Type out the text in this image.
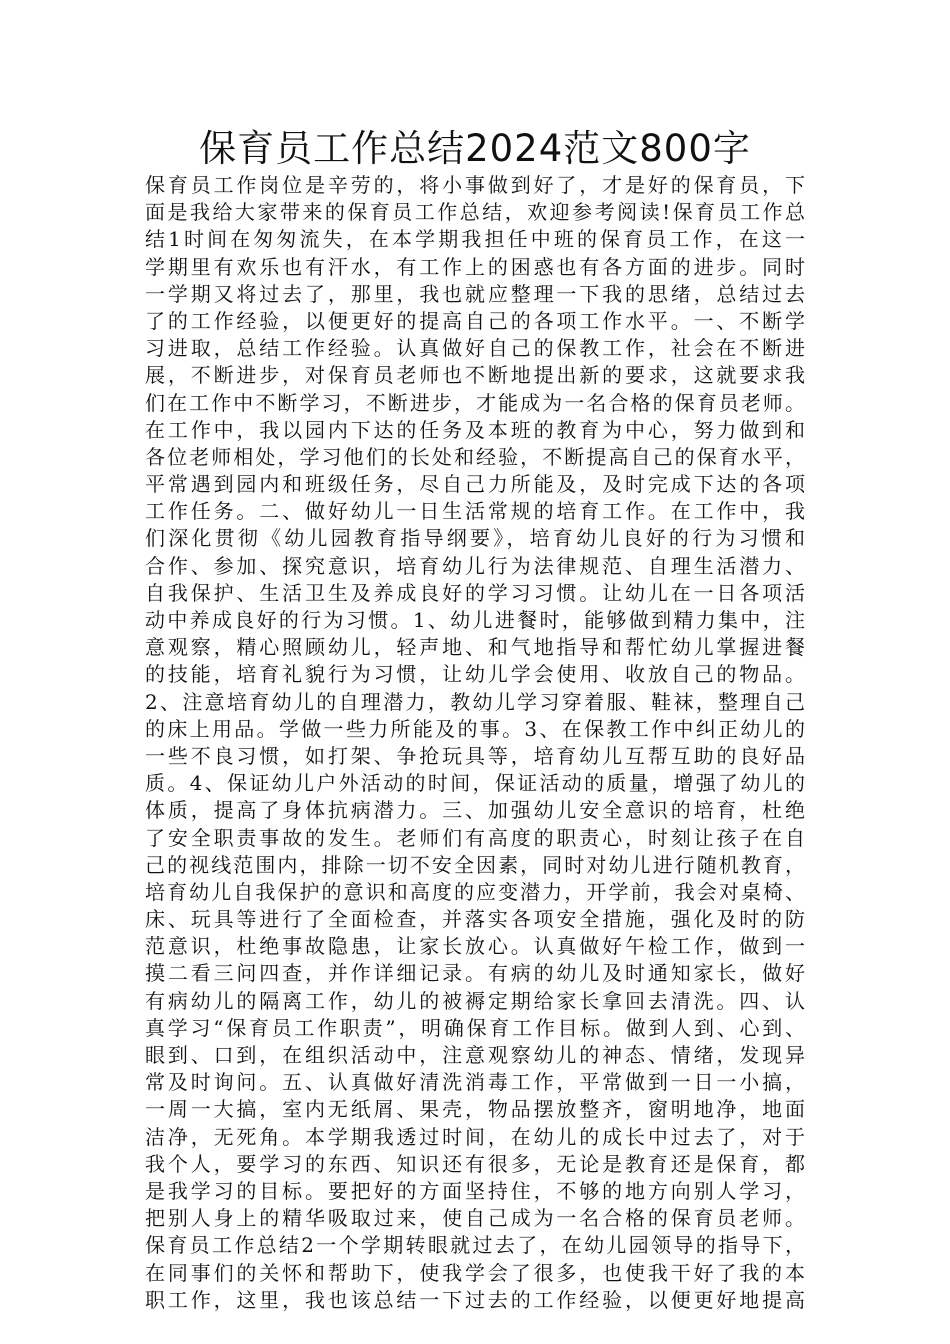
保育员工作总结2024范文800字
保育员工作岗位是辛劳的，将小事做到好了，才是好的保育员，下
面是我给大家带来的保育员工作总结，欢迎参考阅读!保育员工作总
结1时间在匆匆流失，在本学期我担任中班的保育员工作，在这一
学期里有欢乐也有汗水，有工作上的困惑也有各方面的进步。同时
一学期又将过去了，那里，我也就应整理一下我的思绪，总结过去
了的工作经验，以便更好的提高自己的各项工作水平。一、不断学
习进取，总结工作经验。认真做好自己的保教工作，社会在不断进
展，不断进步，对保育员老师也不断地提出新的要求，这就要求我
们在工作中不断学习，不断进步，才能成为一名合格的保育员老师。
在工作中，我以园内下达的任务及本班的教育为中心，努力做到和
各位老师相处，学习他们的长处和经验，不断提高自己的保育水平，
平常遇到园内和班级任务，尽自己力所能及，及时完成下达的各项
工作任务。二、做好幼儿一日生活常规的培育工作。在工作中，我
们深化贯彻《幼儿园教育指导纲要》，培育幼儿良好的行为习惯和
合作、参加、探究意识，培育幼儿行为法律规范、自理生活潜力、
自我保护、生活卫生及养成良好的学习习惯。让幼儿在一日各项活
动中养成良好的行为习惯。1、幼儿进餐时，能够做到精力集中，注
意观察，精心照顾幼儿，轻声地、和气地指导和帮忙幼儿掌握进餐
的技能，培育礼貌行为习惯，让幼儿学会使用、收放自己的物品。
2、注意培育幼儿的自理潜力，教幼儿学习穿着服、鞋袜，整理自己
的床上用品。学做一些力所能及的事。3、在保教工作中纠正幼儿的
一些不良习惯，如打架、争抢玩具等，培育幼儿互帮互助的良好品
质。4、保证幼儿户外活动的时间，保证活动的质量，增强了幼儿的
体质，提高了身体抗病潜力。三、加强幼儿安全意识的培育，杜绝
了安全职责事故的发生。老师们有高度的职责心，时刻让孩子在自
己的视线范围内，排除一切不安全因素，同时对幼儿进行随机教育，
培育幼儿自我保护的意识和高度的应变潜力，开学前，我会对桌椅、
床、玩具等进行了全面检查，并落实各项安全措施，强化及时的防
范意识，杜绝事故隐患，让家长放心。认真做好午检工作，做到一
摸二看三问四查，并作详细记录。有病的幼儿及时通知家长，做好
有病幼儿的隔离工作，幼儿的被褥定期给家长拿回去清洗。四、认
真学习“保育员工作职责”，明确保育工作目标。做到人到、心到、
眼到、口到，在组织活动中，注意观察幼儿的神态、情绪，发现异
常及时询问。五、认真做好清洗消毒工作，平常做到一日一小搞，
一周一大搞，室内无纸屑、果壳，物品摆放整齐，窗明地净，地面
洁净，无死角。本学期我透过时间，在幼儿的成长中过去了，对于
我个人，要学习的东西、知识还有很多，无论是教育还是保育，都
是我学习的目标。要把好的方面坚持住，不够的地方向别人学习，
把别人身上的精华吸取过来，使自己成为一名合格的保育员老师。
保育员工作总结2一个学期转眼就过去了，在幼儿园领导的指导下，
在同事们的关怀和帮助下，使我学会了很多，也使我干好了我的本
职工作，这里，我也该总结一下过去的工作经验，以便更好地提高
